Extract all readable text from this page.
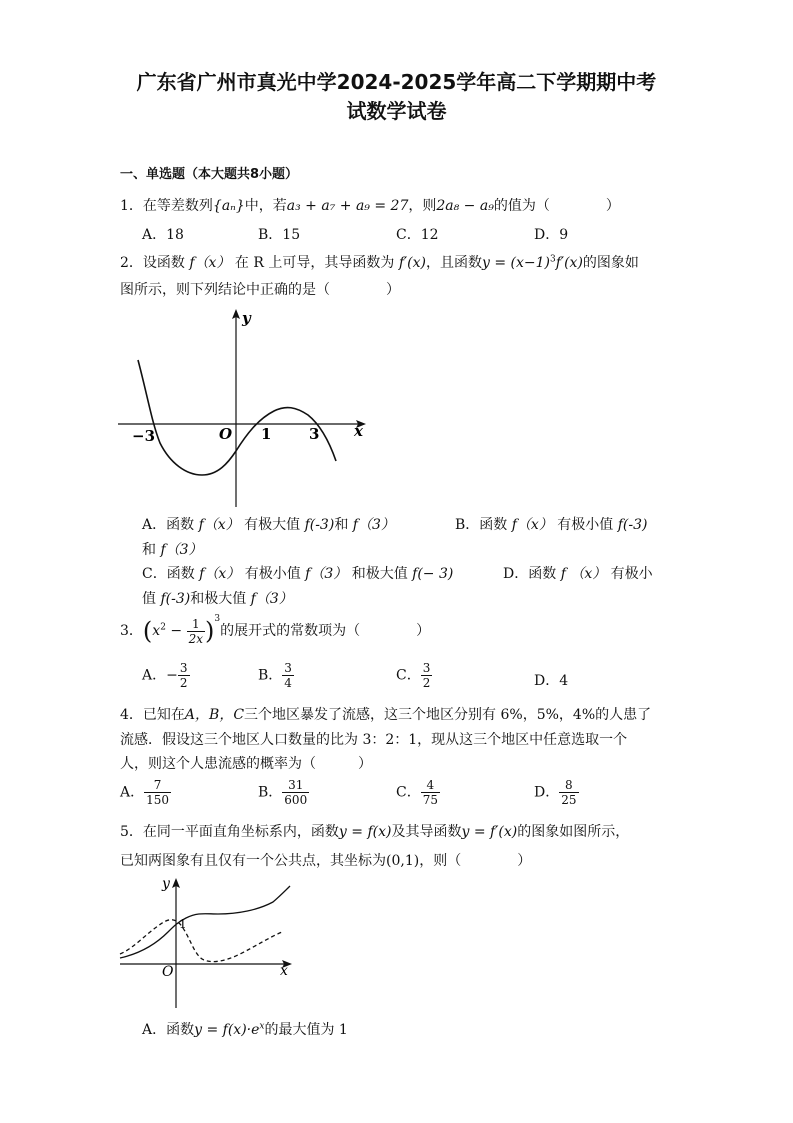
广东省广州市真光中学2024-2025学年高二下学期期中考
试数学试卷
一、单选题（本大题共8小题）
1．在等差数列{aₙ}中，若a₃ + a₇ + a₉ = 27，则2a₈ − a₉的值为（　　　　）
A．18	B．15	C．12	D．9
2．设函数 f（x） 在 R 上可导，其导函数为 f′(x)，且函数$y = (x-1)^3f'(x)$的图象如
图所示，则下列结论中正确的是（　　　　）
y
x
O
−3	1	3
A．函数 f（x） 有极大值 f(-3)和 f（3）	B．函数 f（x） 有极小值 f(-3)
和 f（3）
C．函数 f（x） 有极小值 f（3） 和极大值 f(− 3)	D．函数 f （x） 有极小
值 f(-3)和极大值 f（3）
3．$(x^2 - \frac{1}{2x} )^3$的展开式的常数项为（　　　　）
A．− $\frac{3}{2}$	B． $\frac{3}{4}$	C． $\frac{3}{2}$	D．4
4．已知在A，B，C三个地区暴发了流感，这三个地区分别有 6%，5%，4%的人患了
流感．假设这三个地区人口数量的比为 3：2：1，现从这三个地区中任意选取一个
人，则这个人患流感的概率为（　　　）
A． $\frac{7}{150}$	B． $\frac{31}{600}$	C． $\frac{4}{75}$	D． $\frac{8}{25}$
5．在同一平面直角坐标系内，函数y = f(x)及其导函数y = f′(x)的图象如图所示，
已知两图象有且仅有一个公共点，其坐标为(0,1)，则（　　　　）
y
x
O
1
A．函数$y = f(x)\cdot e^x$的最大值为 1
